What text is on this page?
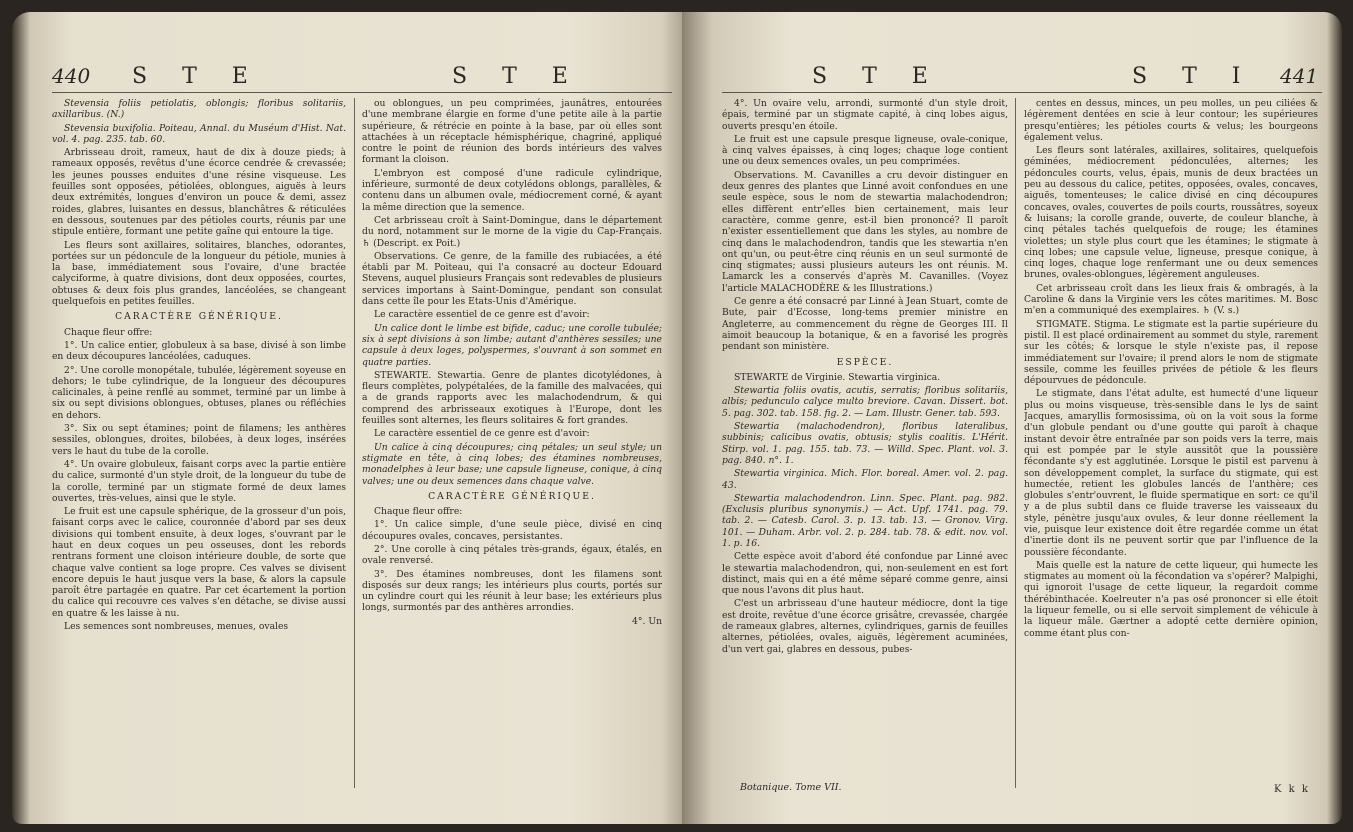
440 S T E	S T E

Stevensia foliis petiolatis, oblongis; floribus solitariis, axillaribus. (N.)

Stevensia buxifolia. Poiteau, Annal. du Muséum d'Hist. Nat. vol. 4. pag. 235. tab. 60.

Arbrisseau droit, rameux, haut de dix à douze pieds; à rameaux opposés, revêtus d'une écorce cendrée & crevassée; les jeunes pousses enduites d'une résine visqueuse. Les feuilles sont opposées, pétiolées, oblongues, aiguës à leurs deux extrémités, longues d'environ un pouce & demi, assez roides, glabres, luisantes en dessus, blanchâtres & réticulées en dessous, soutenues par des pétioles courts, réunis par une stipule entière, formant une petite gaîne qui entoure la tige.

Les fleurs sont axillaires, solitaires, blanches, odorantes, portées sur un pédoncule de la longueur du pétiole, munies à la base, immédiatement sous l'ovaire, d'une bractée calyciforme, à quatre divisions, dont deux opposées, courtes, obtuses & deux fois plus grandes, lancéolées, se changeant quelquefois en petites feuilles.

CARACTÈRE GÉNÉRIQUE.

Chaque fleur offre:

1°. Un calice entier, globuleux à sa base, divisé à son limbe en deux découpures lancéolées, caduques.

2°. Une corolle monopétale, tubulée, légèrement soyeuse en dehors; le tube cylindrique, de la longueur des découpures calicinales, à peine renflé au sommet, terminé par un limbe à six ou sept divisions oblongues, obtuses, planes ou réfléchies en dehors.

3°. Six ou sept étamines; point de filamens; les anthères sessiles, oblongues, droites, bilobées, à deux loges, insérées vers le haut du tube de la corolle.

4°. Un ovaire globuleux, faisant corps avec la partie entière du calice, surmonté d'un style droit, de la longueur du tube de la corolle, terminé par un stigmate formé de deux lames ouvertes, très-velues, ainsi que le style.

Le fruit est une capsule sphérique, de la grosseur d'un pois, faisant corps avec le calice, couronnée d'abord par ses deux divisions qui tombent ensuite, à deux loges, s'ouvrant par le haut en deux coques un peu osseuses, dont les rebords rentrans forment une cloison intérieure double, de sorte que chaque valve contient sa loge propre. Ces valves se divisent encore depuis le haut jusque vers la base, & alors la capsule paroît être partagée en quatre. Par cet écartement la portion du calice qui recouvre ces valves s'en détache, se divise aussi en quatre & les laisse à nu.

Les semences sont nombreuses, menues, ovales

ou oblongues, un peu comprimées, jaunâtres, entourées d'une membrane élargie en forme d'une petite aile à la partie supérieure, & rétrécie en pointe à la base, par où elles sont attachées à un réceptacle hémisphérique, chagriné, appliqué contre le point de réunion des bords intérieurs des valves formant la cloison.

L'embryon est composé d'une radicule cylindrique, inférieure, surmonté de deux cotylédons oblongs, parallèles, & contenu dans un albumen ovale, médiocrement corné, & ayant la même direction que la semence.

Cet arbrisseau croît à Saint-Domingue, dans le département du nord, notamment sur le morne de la vigie du Cap-Français. ♄ (Descript. ex Poit.)

Observations. Ce genre, de la famille des rubiacées, a été établi par M. Poiteau, qui l'a consacré au docteur Edouard Stevens, auquel plusieurs Français sont redevables de plusieurs services importans à Saint-Domingue, pendant son consulat dans cette île pour les Etats-Unis d'Amérique.

Le caractère essentiel de ce genre est d'avoir:

Un calice dont le limbe est bifide, caduc; une corolle tubulée; six à sept divisions à son limbe; autant d'anthères sessiles; une capsule à deux loges, polyspermes, s'ouvrant à son sommet en quatre parties.

STEWARTE. Stewartia. Genre de plantes dicotylédones, à fleurs complètes, polypétalées, de la famille des malvacées, qui a de grands rapports avec les malachodendrum, & qui comprend des arbrisseaux exotiques à l'Europe, dont les feuilles sont alternes, les fleurs solitaires & fort grandes.

Le caractère essentiel de ce genre est d'avoir:

Un calice à cinq découpures; cinq pétales; un seul style; un stigmate en tête, à cinq lobes; des étamines nombreuses, monadelphes à leur base; une capsule ligneuse, conique, à cinq valves; une ou deux semences dans chaque valve.

CARACTÈRE GÉNÉRIQUE.

Chaque fleur offre:

1°. Un calice simple, d'une seule pièce, divisé en cinq découpures ovales, concaves, persistantes.

2°. Une corolle à cinq pétales très-grands, égaux, étalés, en ovale renversé.

3°. Des étamines nombreuses, dont les filamens sont disposés sur deux rangs; les intérieurs plus courts, portés sur un cylindre court qui les réunit à leur base; les extérieurs plus longs, surmontés par des anthères arrondies.

4°. Un

S T E	S T I 441

4°. Un ovaire velu, arrondi, surmonté d'un style droit, épais, terminé par un stigmate capité, à cinq lobes aigus, ouverts presqu'en étoile.

Le fruit est une capsule presque ligneuse, ovale-conique, à cinq valves épaisses, à cinq loges; chaque loge contient une ou deux semences ovales, un peu comprimées.

Observations. M. Cavanilles a cru devoir distinguer en deux genres des plantes que Linné avoit confondues en une seule espèce, sous le nom de stewartia malachodendron; elles diffèrent entr'elles bien certainement, mais leur caractère, comme genre, est-il bien prononcé? Il paroît n'exister essentiellement que dans les styles, au nombre de cinq dans le malachodendron, tandis que les stewartia n'en ont qu'un, ou peut-être cinq réunis en un seul surmonté de cinq stigmates; aussi plusieurs auteurs les ont réunis. M. Lamarck les a conservés d'après M. Cavanilles. (Voyez l'article MALACHODÈRE & les Illustrations.)

Ce genre a été consacré par Linné à Jean Stuart, comte de Bute, pair d'Ecosse, long-tems premier ministre en Angleterre, au commencement du règne de Georges III. Il aimoit beaucoup la botanique, & en a favorisé les progrès pendant son ministère.

ESPÈCE.

STEWARTE de Virginie. Stewartia virginica.

Stewartia foliis ovatis, acutis, serratis; floribus solitariis, albis; pedunculo calyce multo breviore. Cavan. Dissert. bot. 5. pag. 302. tab. 158. fig. 2. — Lam. Illustr. Gener. tab. 593.

Stewartia (malachodendron), floribus lateralibus, subbinis; calicibus ovatis, obtusis; stylis coalitis. L'Hérit. Stirp. vol. 1. pag. 155. tab. 73. — Willd. Spec. Plant. vol. 3. pag. 840. n°. 1.

Stewartia virginica. Mich. Flor. boreal. Amer. vol. 2. pag. 43.

Stewartia malachodendron. Linn. Spec. Plant. pag. 982. (Exclusis pluribus synonymis.) — Act. Upf. 1741. pag. 79. tab. 2. — Catesb. Carol. 3. p. 13. tab. 13. — Gronov. Virg. 101. — Duham. Arbr. vol. 2. p. 284. tab. 78. & edit. nov. vol. 1. p. 16.

Cette espèce avoit d'abord été confondue par Linné avec le stewartia malachodendron, qui, non-seulement en est fort distinct, mais qui en a été même séparé comme genre, ainsi que nous l'avons dit plus haut.

C'est un arbrisseau d'une hauteur médiocre, dont la tige est droite, revêtue d'une écorce grisâtre, crevassée, chargée de rameaux glabres, alternes, cylindriques, garnis de feuilles alternes, pétiolées, ovales, aiguës, légèrement acuminées, d'un vert gai, glabres en dessous, pubes-

Botanique. Tome VII.

centes en dessus, minces, un peu molles, un peu ciliées & légèrement dentées en scie à leur contour; les supérieures presqu'entières; les pétioles courts & velus; les bourgeons également velus.

Les fleurs sont latérales, axillaires, solitaires, quelquefois géminées, médiocrement pédonculées, alternes; les pédoncules courts, velus, épais, munis de deux bractées un peu au dessous du calice, petites, opposées, ovales, concaves, aiguës, tomenteuses; le calice divisé en cinq découpures concaves, ovales, couvertes de poils courts, roussâtres, soyeux & luisans; la corolle grande, ouverte, de couleur blanche, à cinq pétales tachés quelquefois de rouge; les étamines violettes; un style plus court que les étamines; le stigmate à cinq lobes; une capsule velue, ligneuse, presque conique, à cinq loges, chaque loge renfermant une ou deux semences brunes, ovales-oblongues, légèrement anguleuses.

Cet arbrisseau croît dans les lieux frais & ombragés, à la Caroline & dans la Virginie vers les côtes maritimes. M. Bosc m'en a communiqué des exemplaires. ♄ (V. s.)

STIGMATE. Stigma. Le stigmate est la partie supérieure du pistil. Il est placé ordinairement au sommet du style, rarement sur les côtés; & lorsque le style n'existe pas, il repose immédiatement sur l'ovaire; il prend alors le nom de stigmate sessile, comme les feuilles privées de pétiole & les fleurs dépourvues de pédoncule.

Le stigmate, dans l'état adulte, est humecté d'une liqueur plus ou moins visqueuse, très-sensible dans le lys de saint Jacques, amaryllis formosissima, où on la voit sous la forme d'un globule pendant ou d'une goutte qui paroît à chaque instant devoir être entraînée par son poids vers la terre, mais qui est pompée par le style aussitôt que la poussière fécondante s'y est agglutinée. Lorsque le pistil est parvenu à son développement complet, la surface du stigmate, qui est humectée, retient les globules lancés de l'anthère; ces globules s'entr'ouvrent, le fluide spermatique en sort: ce qu'il y a de plus subtil dans ce fluide traverse les vaisseaux du style, pénètre jusqu'aux ovules, & leur donne réellement la vie, puisque leur existence doit être regardée comme un état d'inertie dont ils ne peuvent sortir que par l'influence de la poussière fécondante.

Mais quelle est la nature de cette liqueur, qui humecte les stigmates au moment où la fécondation va s'opérer? Malpighi, qui ignoroit l'usage de cette liqueur, la regardoit comme thérébinthacée. Koelreuter n'a pas osé prononcer si elle étoit la liqueur femelle, ou si elle servoit simplement de véhicule à la liqueur mâle. Gærtner a adopté cette dernière opinion, comme étant plus con-

K k k
